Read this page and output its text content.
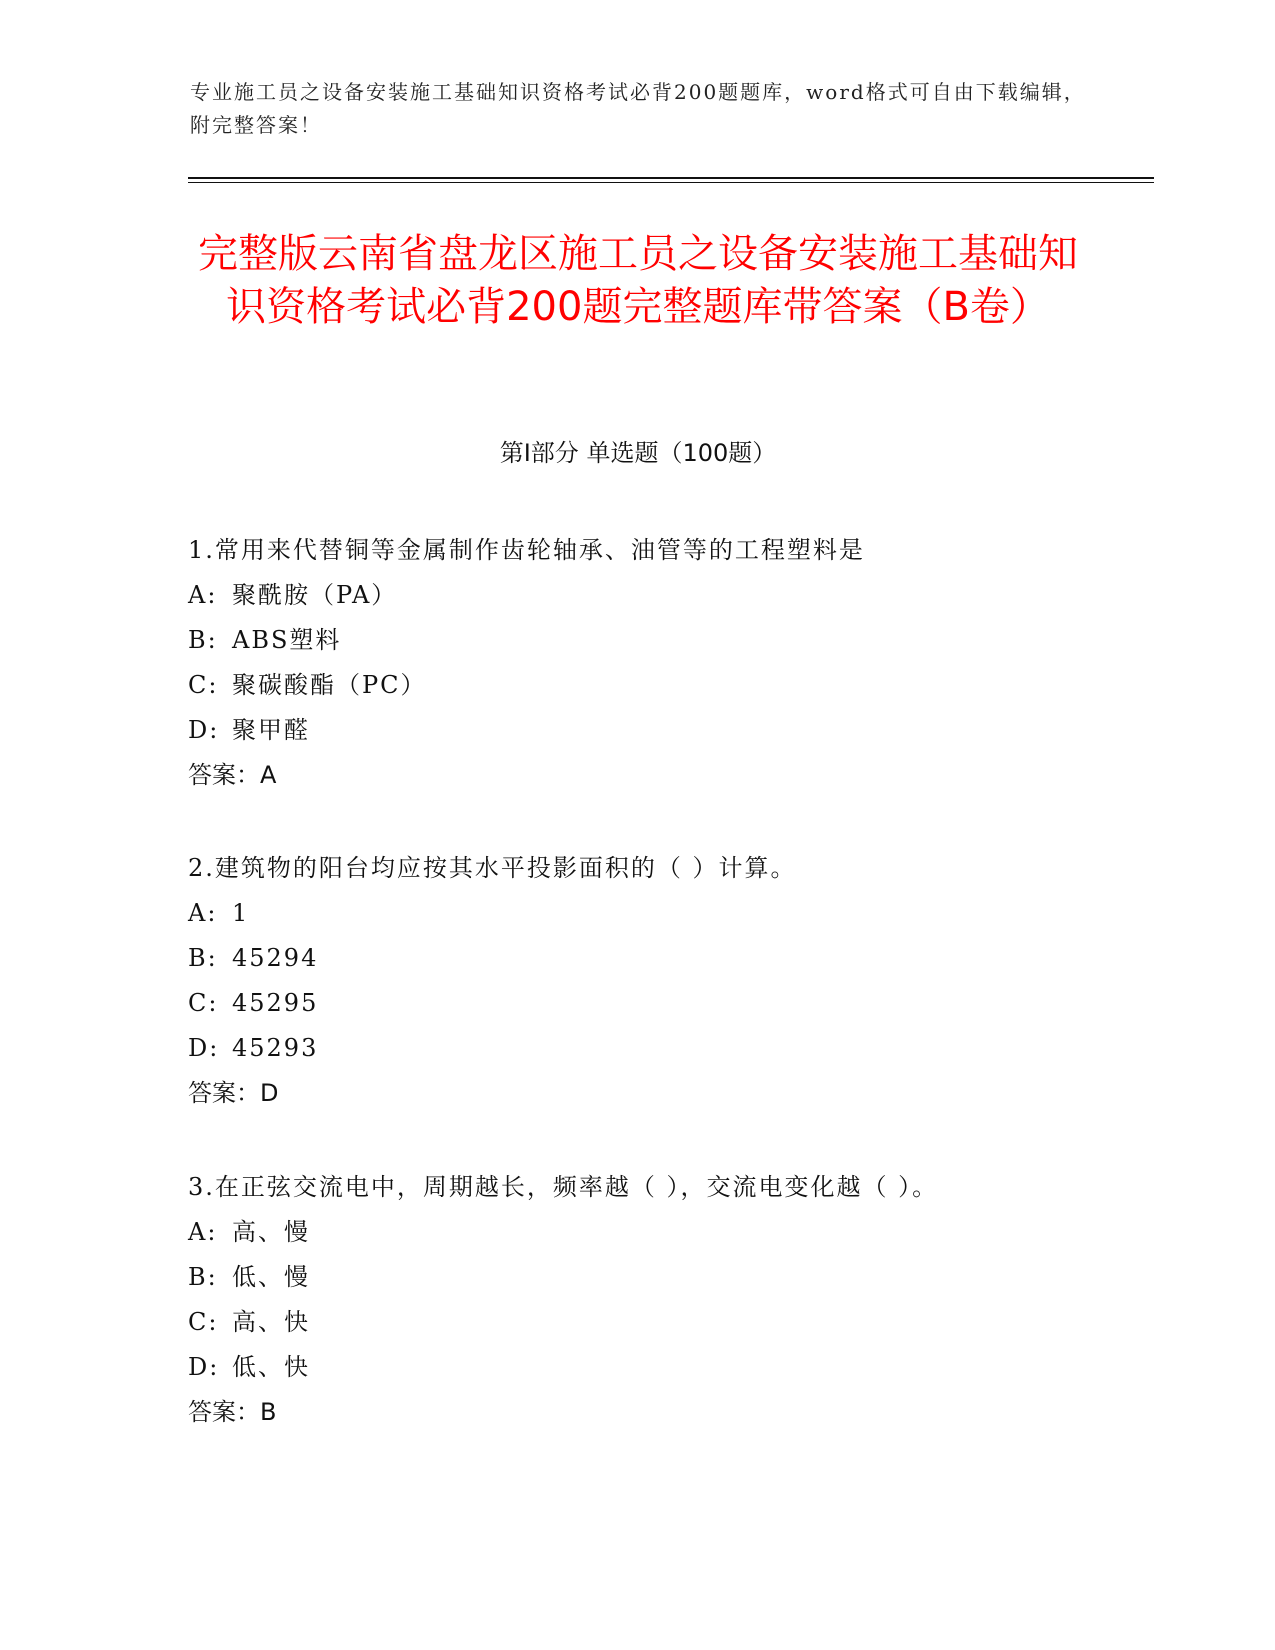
专业施工员之设备安装施工基础知识资格考试必背200题题库，word格式可自由下载编辑，附完整答案！
完整版云南省盘龙区施工员之设备安装施工基础知识资格考试必背200题完整题库带答案（B卷）
第Ⅰ部分 单选题（100题）
1.常用来代替铜等金属制作齿轮轴承、油管等的工程塑料是
A: 聚酰胺（PA）
B: ABS塑料
C: 聚碳酸酯（PC）
D: 聚甲醛
答案：A
2.建筑物的阳台均应按其水平投影面积的（ ）计算。
A: 1
B: 45294
C: 45295
D: 45293
答案：D
3.在正弦交流电中，周期越长，频率越（ ），交流电变化越（ ）。
A: 高、慢
B: 低、慢
C: 高、快
D: 低、快
答案：B
